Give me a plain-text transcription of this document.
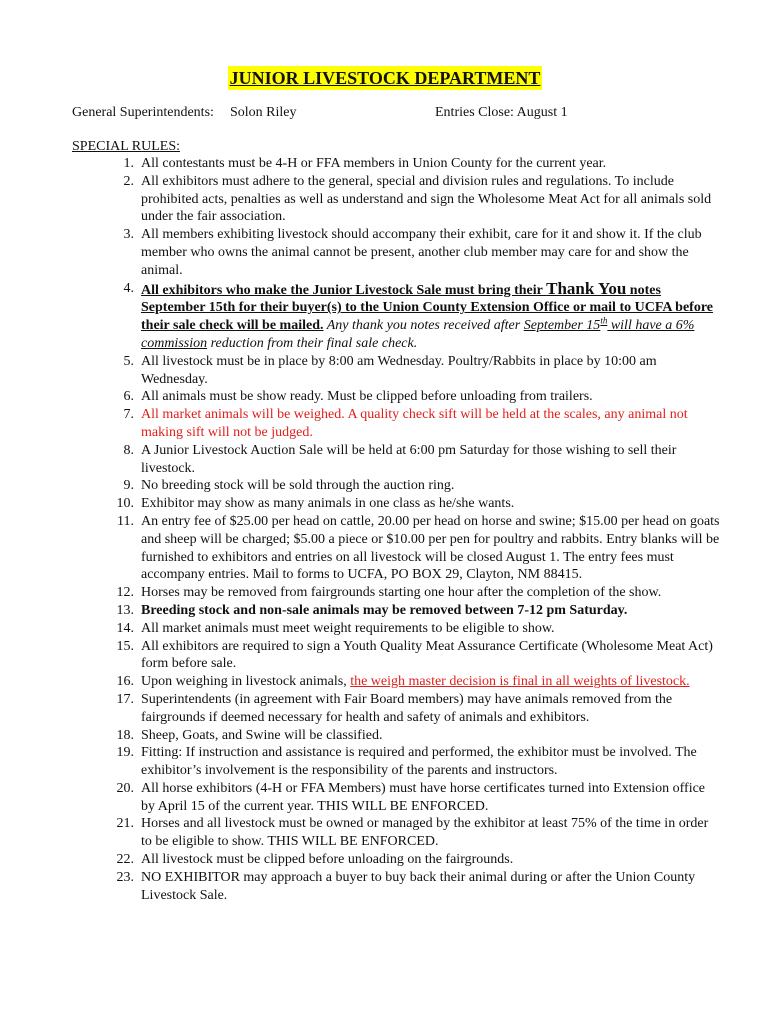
JUNIOR LIVESTOCK DEPARTMENT
General Superintendents: Solon Riley	Entries Close: August 1
SPECIAL RULES:
1. All contestants must be 4-H or FFA members in Union County for the current year.
2. All exhibitors must adhere to the general, special and division rules and regulations. To include prohibited acts, penalties as well as understand and sign the Wholesome Meat Act for all animals sold under the fair association.
3. All members exhibiting livestock should accompany their exhibit, care for it and show it. If the club member who owns the animal cannot be present, another club member may care for and show the animal.
4. All exhibitors who make the Junior Livestock Sale must bring their Thank You notes September 15th for their buyer(s) to the Union County Extension Office or mail to UCFA before their sale check will be mailed. Any thank you notes received after September 15th will have a 6% commission reduction from their final sale check.
5. All livestock must be in place by 8:00 am Wednesday. Poultry/Rabbits in place by 10:00 am Wednesday.
6. All animals must be show ready. Must be clipped before unloading from trailers.
7. All market animals will be weighed. A quality check sift will be held at the scales, any animal not making sift will not be judged.
8. A Junior Livestock Auction Sale will be held at 6:00 pm Saturday for those wishing to sell their livestock.
9. No breeding stock will be sold through the auction ring.
10. Exhibitor may show as many animals in one class as he/she wants.
11. An entry fee of $25.00 per head on cattle, 20.00 per head on horse and swine; $15.00 per head on goats and sheep will be charged; $5.00 a piece or $10.00 per pen for poultry and rabbits. Entry blanks will be furnished to exhibitors and entries on all livestock will be closed August 1. The entry fees must accompany entries. Mail to forms to UCFA, PO BOX 29, Clayton, NM 88415.
12. Horses may be removed from fairgrounds starting one hour after the completion of the show.
13. Breeding stock and non-sale animals may be removed between 7-12 pm Saturday.
14. All market animals must meet weight requirements to be eligible to show.
15. All exhibitors are required to sign a Youth Quality Meat Assurance Certificate (Wholesome Meat Act) form before sale.
16. Upon weighing in livestock animals, the weigh master decision is final in all weights of livestock.
17. Superintendents (in agreement with Fair Board members) may have animals removed from the fairgrounds if deemed necessary for health and safety of animals and exhibitors.
18. Sheep, Goats, and Swine will be classified.
19. Fitting: If instruction and assistance is required and performed, the exhibitor must be involved. The exhibitor’s involvement is the responsibility of the parents and instructors.
20. All horse exhibitors (4-H or FFA Members) must have horse certificates turned into Extension office by April 15 of the current year. THIS WILL BE ENFORCED.
21. Horses and all livestock must be owned or managed by the exhibitor at least 75% of the time in order to be eligible to show. THIS WILL BE ENFORCED.
22. All livestock must be clipped before unloading on the fairgrounds.
23. NO EXHIBITOR may approach a buyer to buy back their animal during or after the Union County Livestock Sale.
